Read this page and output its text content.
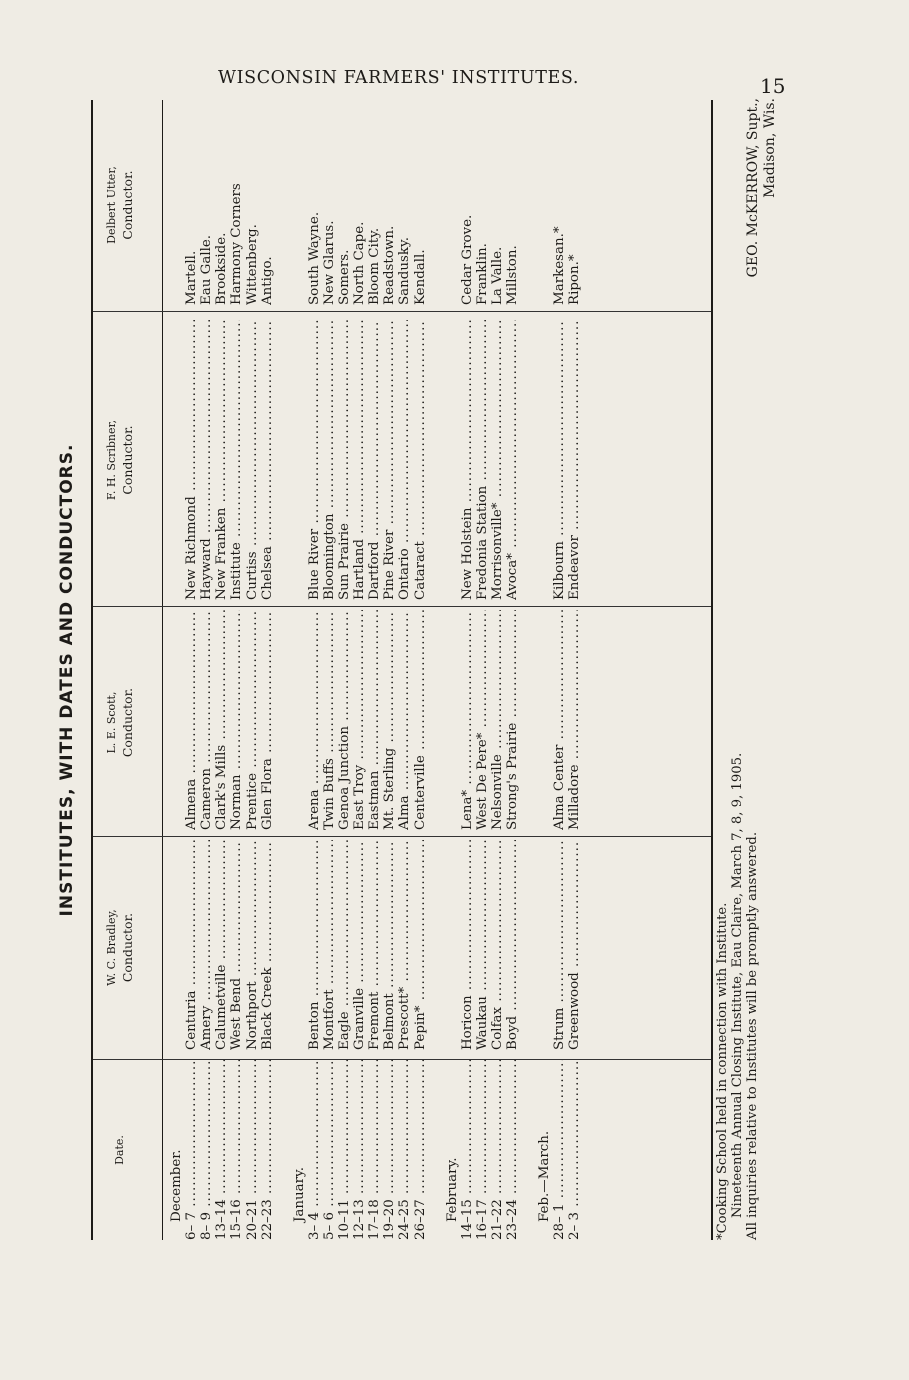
WISCONSIN FARMERS' INSTITUTES.	15
INSTITUTES, WITH DATES AND CONDUCTORS.
Date.
W. C. Bradley, Conductor.
L. E. Scott, Conductor.
F. H. Scribner, Conductor.
Delbert Utter, Conductor.
December.
6– 7 ..... 8– 9 ..... 13–14 ..... 15–16 ..... 20–21 ..... 22–23 ..... January.
3– 4 ..... 5– 6 ..... 10–11 ..... 12–13 ..... 17–18 ..... 19–20 ..... 24–25 ..... 26–27 ..... February. 14–15 ..... 16–17 ..... 21–22 ..... 23–24 ..... Feb.—March. 28– 1 ..... 2– 3 .....
Centuria ..... Amery ..... Calumetville ..... West Bend ..... Northport ..... Black Creek ..... Benton ..... Montfort ..... Eagle ..... Granville ..... Fremont ..... Belmont ..... Prescott* ..... Pepin* ..... Horicon ..... Waukau ..... Colfax ..... Boyd ..... Strum ..... Greenwood .....
Almena ..... Cameron ..... Clark's Mills ..... Norman ..... Prentice ..... Glen Flora ..... Arena ..... Twin Buffs ..... Genoa Junction ..... East Troy ..... Eastman ..... Mt. Sterling ..... Alma ..... Centerville ..... Lena* ..... West De Pere* ..... Nelsonville ..... Strong's Prairie ..... Alma Center ..... Milladore .....
New Richmond ..... Hayward ..... New Franken ..... Institute ..... Curtiss ..... Chelsea ..... Blue River ..... Bloomington ..... Sun Prairie ..... Hartland ..... Dartford ..... Pine River ..... Ontario ..... Cataract ..... New Holstein ..... Fredonia Station ..... Morrisonville* ..... Avoca* ..... Kilbourn ..... Endeavor .....
Martell. Eau Galle. Brookside. Harmony Corners Wittenberg. Antigo. South Wayne. New Glarus. Somers. North Cape. Bloom City. Readstown. Sandusky. Kendall. Cedar Grove. Franklin. La Valle. Millston. Markesan.* Ripon.*
*Cooking School held in connection with Institute. Nineteenth Annual Closing Institute, Eau Claire, March 7, 8, 9, 1905. All inquiries relative to Institutes will be promptly answered.
GEO. McKERROW, Supt., Madison, Wis.
